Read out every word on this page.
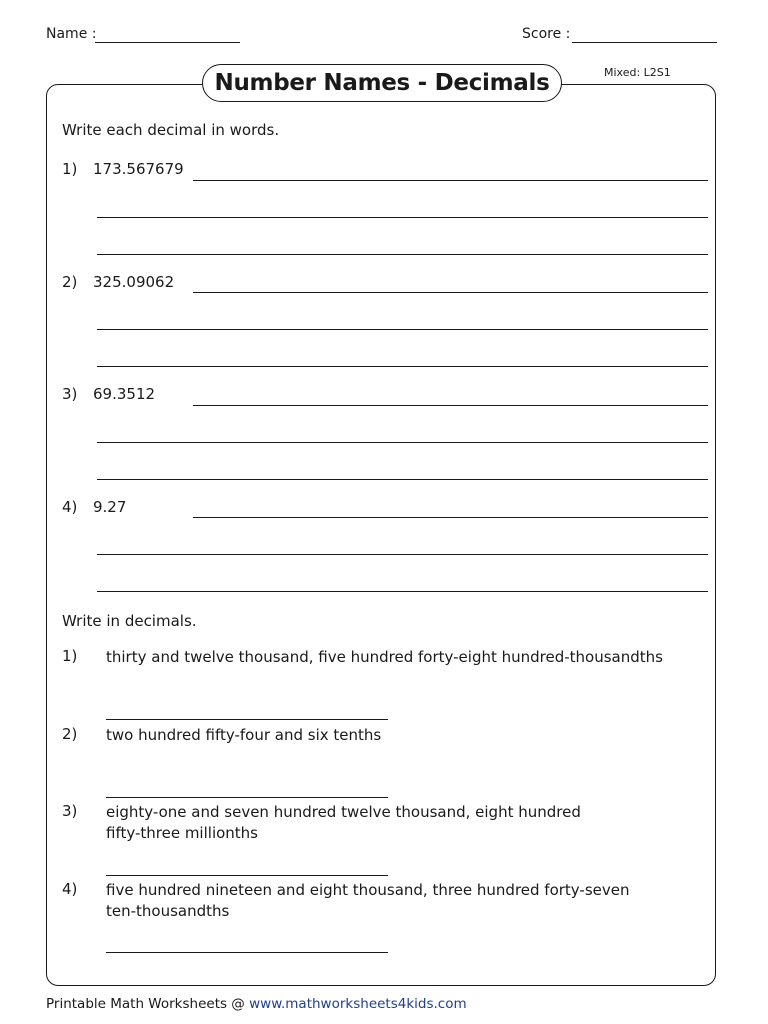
Name :	Score :
Number Names - Decimals	Mixed: L2S1
Write each decimal in words.
1) 173.567679
2) 325.09062
3) 69.3512
4) 9.27
Write in decimals.
1) thirty and twelve thousand, five hundred forty-eight hundred-thousandths
2) two hundred fifty-four and six tenths
3) eighty-one and seven hundred twelve thousand, eight hundred
fifty-three millionths
4) five hundred nineteen and eight thousand, three hundred forty-seven
ten-thousandths
Printable Math Worksheets @ www.mathworksheets4kids.com
